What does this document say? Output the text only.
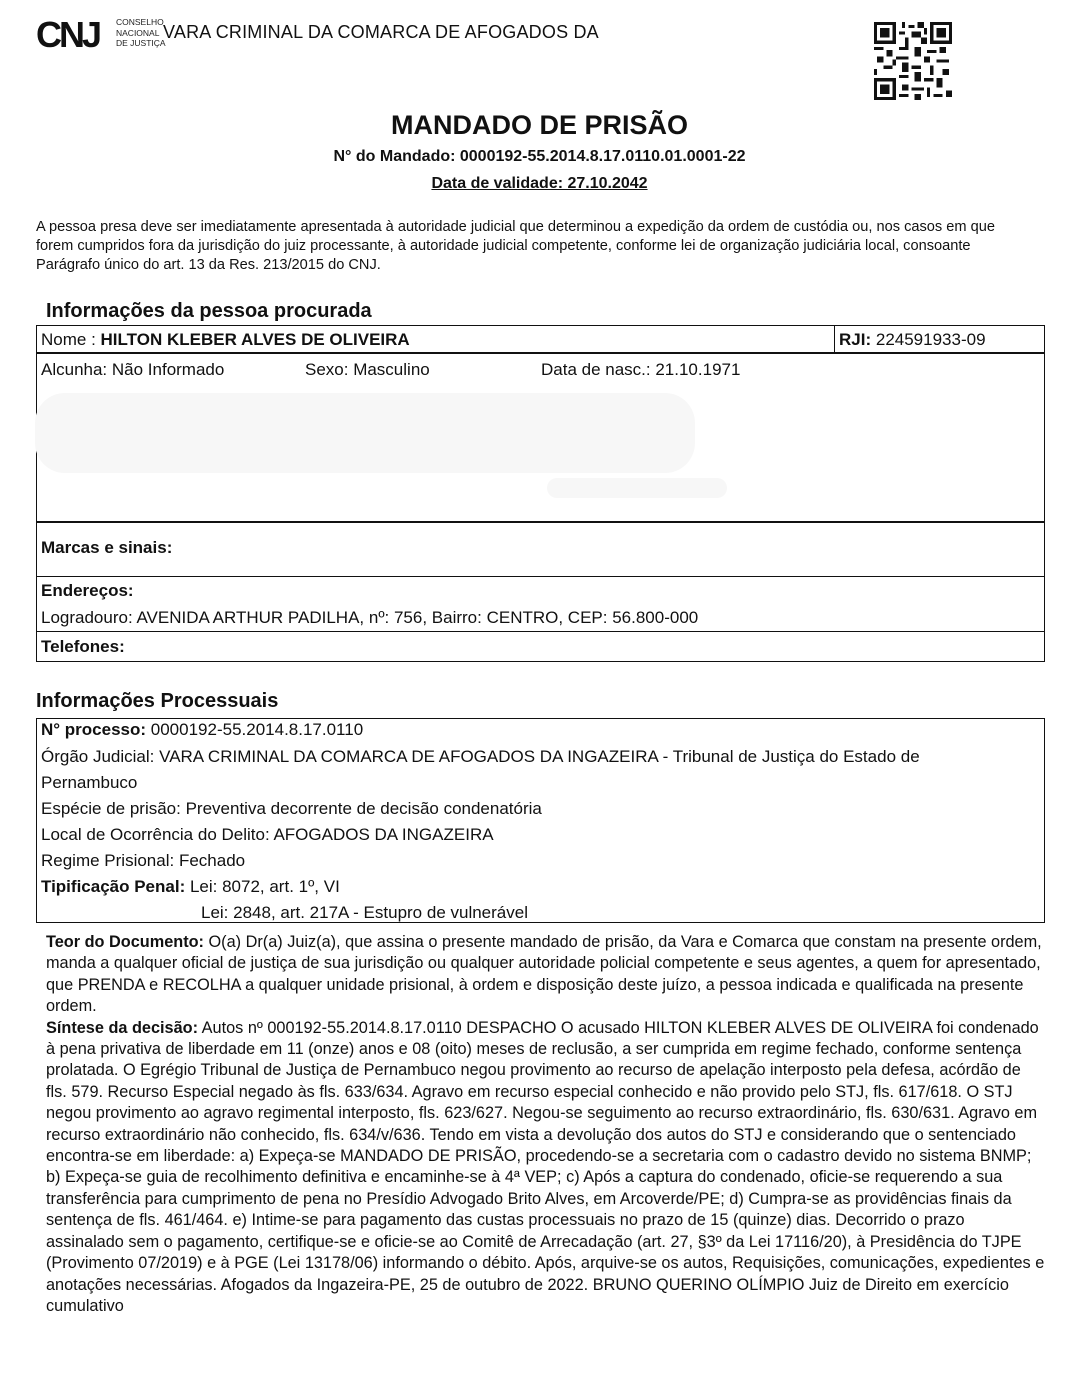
CNJ CONSELHO
NACIONAL
DE JUSTIÇA
VARA CRIMINAL DA COMARCA DE AFOGADOS DA
MANDADO DE PRISÃO
N° do Mandado: 0000192-55.2014.8.17.0110.01.0001-22
Data de validade: 27.10.2042
A pessoa presa deve ser imediatamente apresentada à autoridade judicial que determinou a expedição da ordem de custódia ou, nos casos em que forem cumpridos fora da jurisdição do juiz processante, à autoridade judicial competente, conforme lei de organização judiciária local, consoante Parágrafo único do art. 13 da Res. 213/2015 do CNJ.
Informações da pessoa procurada
Nome : HILTON KLEBER ALVES DE OLIVEIRA	RJI: 224591933-09
Alcunha: Não Informado	Sexo: Masculino	Data de nasc.: 21.10.1971
Marcas e sinais:
Endereços:
Logradouro: AVENIDA ARTHUR PADILHA, nº: 756, Bairro: CENTRO, CEP: 56.800-000
Telefones:
Informações Processuais
N° processo: 0000192-55.2014.8.17.0110
Órgão Judicial: VARA CRIMINAL DA COMARCA DE AFOGADOS DA INGAZEIRA - Tribunal de Justiça do Estado de
Pernambuco
Espécie de prisão: Preventiva decorrente de decisão condenatória
Local de Ocorrência do Delito: AFOGADOS DA INGAZEIRA
Regime Prisional: Fechado
Tipificação Penal: Lei: 8072, art. 1º, VI
Lei: 2848, art. 217A - Estupro de vulnerável
Teor do Documento: O(a) Dr(a) Juiz(a), que assina o presente mandado de prisão, da Vara e Comarca que constam na presente ordem, manda a qualquer oficial de justiça de sua jurisdição ou qualquer autoridade policial competente e seus agentes, a quem for apresentado, que PRENDA e RECOLHA a qualquer unidade prisional, à ordem e disposição deste juízo, a pessoa indicada e qualificada na presente ordem.
Síntese da decisão: Autos nº 000192-55.2014.8.17.0110 DESPACHO O acusado HILTON KLEBER ALVES DE OLIVEIRA foi condenado à pena privativa de liberdade em 11 (onze) anos e 08 (oito) meses de reclusão, a ser cumprida em regime fechado, conforme sentença prolatada. O Egrégio Tribunal de Justiça de Pernambuco negou provimento ao recurso de apelação interposto pela defesa, acórdão de fls. 579. Recurso Especial negado às fls. 633/634. Agravo em recurso especial conhecido e não provido pelo STJ, fls. 617/618. O STJ negou provimento ao agravo regimental interposto, fls. 623/627. Negou-se seguimento ao recurso extraordinário, fls. 630/631. Agravo em recurso extraordinário não conhecido, fls. 634/v/636. Tendo em vista a devolução dos autos do STJ e considerando que o sentenciado encontra-se em liberdade: a) Expeça-se MANDADO DE PRISÃO, procedendo-se a secretaria com o cadastro devido no sistema BNMP; b) Expeça-se guia de recolhimento definitiva e encaminhe-se à 4ª VEP; c) Após a captura do condenado, oficie-se requerendo a sua transferência para cumprimento de pena no Presídio Advogado Brito Alves, em Arcoverde/PE; d) Cumpra-se as providências finais da sentença de fls. 461/464. e) Intime-se para pagamento das custas processuais no prazo de 15 (quinze) dias. Decorrido o prazo assinalado sem o pagamento, certifique-se e oficie-se ao Comitê de Arrecadação (art. 27, §3º da Lei 17116/20), à Presidência do TJPE (Provimento 07/2019) e à PGE (Lei 13178/06) informando o débito. Após, arquive-se os autos, Requisições, comunicações, expedientes e anotações necessárias. Afogados da Ingazeira-PE, 25 de outubro de 2022. BRUNO QUERINO OLÍMPIO Juiz de Direito em exercício cumulativo
